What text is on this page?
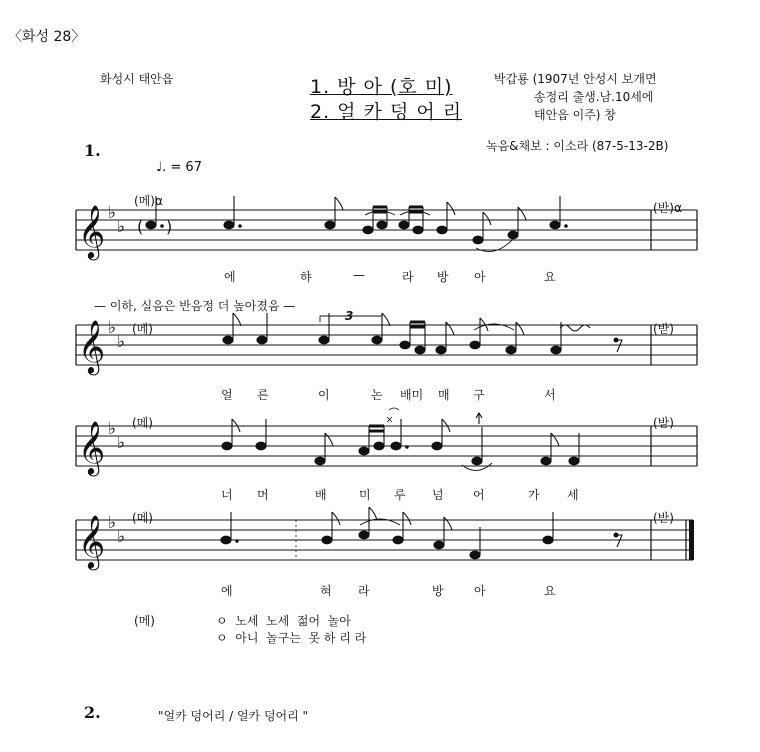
〈화성 28〉
화성시 태안읍	1. 방 아 (호 미)
2. 얼 카 덩 어 리
박갑룡 (1907년 안성시 보개면
송정리 출생.남.10세에
태안읍 이주) 창
녹음&채보 : 이소라 (87-5-13-2B)
1.
♩. = 67
𝄞
𝄞
𝄞
𝄞
♭
♭
♭
♭
♭
♭
♭
♭
( )
(메)α	(받)α
— 이하, 실음은 반음정 더 높아졌음 —
(메)	(받)
3
(메)	(받)
(메)	(받)
에	햐	—	라 방 아	요
얼 른	이	논 배미 매 구	서
너 머	배	미 루 넘 어	가 세
에	혀 라	방	아	요
(메)	ㅇ  노세  노세  젊어  놀아
ㅇ  아니  놀구는  못 하 리 라
2.	"얼카 덩어리 / 얼카 덩어리 "
